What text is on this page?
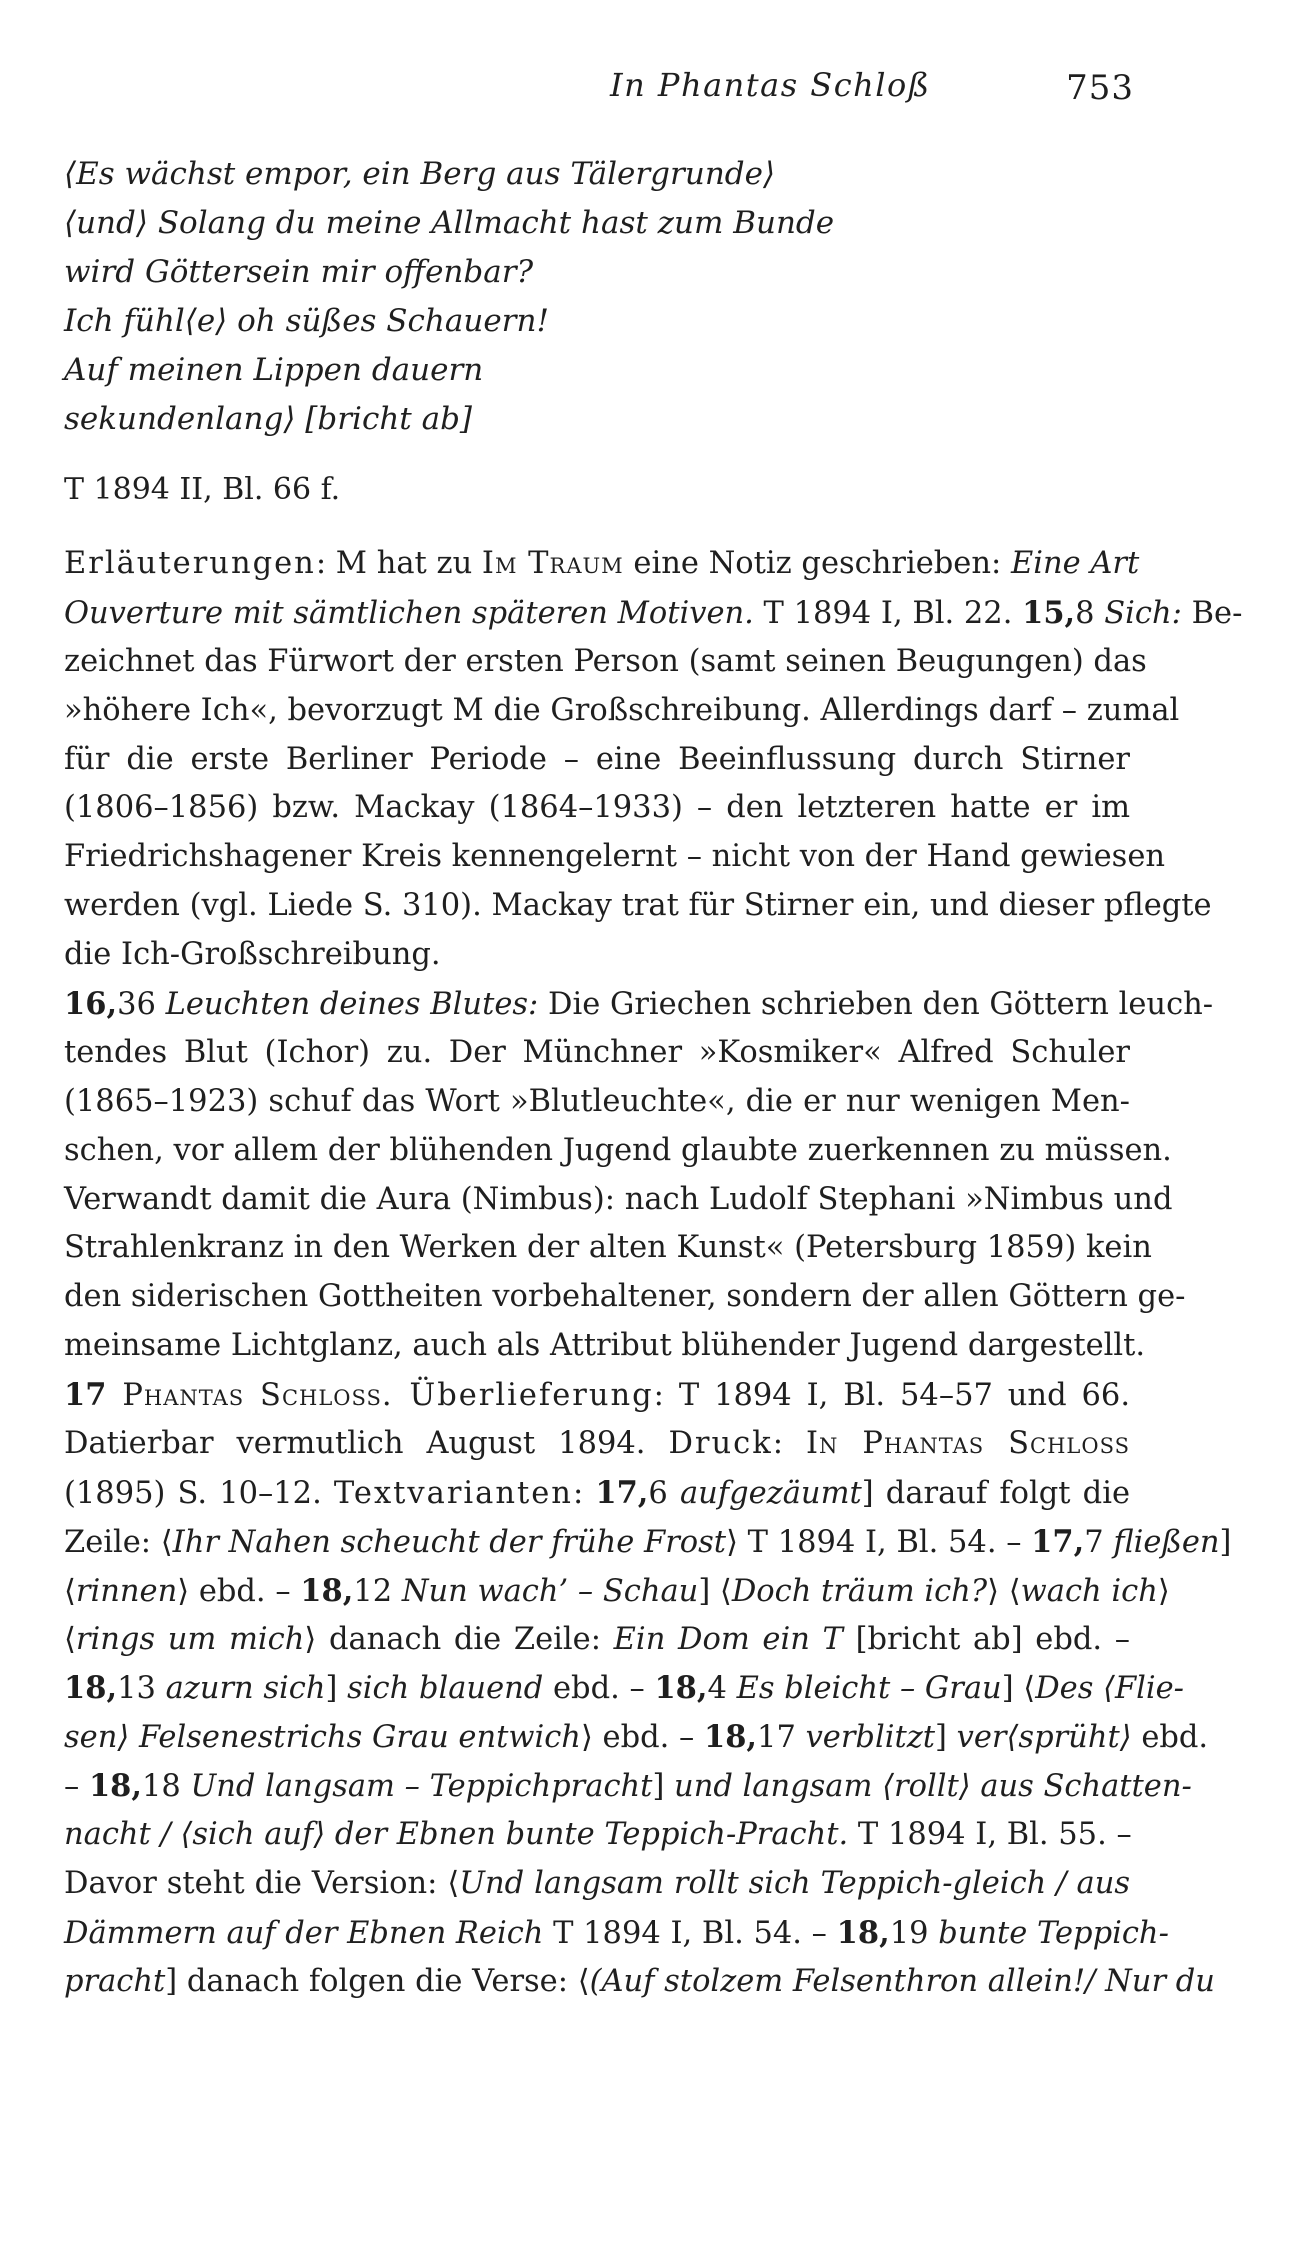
In Phantas Schloß	753
⟨Es wächst empor, ein Berg aus Tälergrunde⟩
⟨und⟩ Solang du meine Allmacht hast zum Bunde
wird Göttersein mir offenbar?
Ich fühl⟨e⟩ oh süßes Schauern!
Auf meinen Lippen dauern
sekundenlang⟩ [bricht ab]
T 1894 II, Bl. 66 f.
Erläuterungen: M hat zu Im Traum eine Notiz geschrieben: Eine Art
Ouverture mit sämtlichen späteren Motiven. T 1894 I, Bl. 22. 15,8 Sich: Be-
zeichnet das Fürwort der ersten Person (samt seinen Beugungen) das
»höhere Ich«, bevorzugt M die Großschreibung. Allerdings darf – zumal
für die erste Berliner Periode – eine Beeinflussung durch Stirner
(1806–1856) bzw. Mackay (1864–1933) – den letzteren hatte er im
Friedrichshagener Kreis kennengelernt – nicht von der Hand gewiesen
werden (vgl. Liede S. 310). Mackay trat für Stirner ein, und dieser pflegte
die Ich-Großschreibung.
16,36 Leuchten deines Blutes: Die Griechen schrieben den Göttern leuch-
tendes Blut (Ichor) zu. Der Münchner »Kosmiker« Alfred Schuler
(1865–1923) schuf das Wort »Blutleuchte«, die er nur wenigen Men-
schen, vor allem der blühenden Jugend glaubte zuerkennen zu müssen.
Verwandt damit die Aura (Nimbus): nach Ludolf Stephani »Nimbus und
Strahlenkranz in den Werken der alten Kunst« (Petersburg 1859) kein
den siderischen Gottheiten vorbehaltener, sondern der allen Göttern ge-
meinsame Lichtglanz, auch als Attribut blühender Jugend dargestellt.
17 Phantas Schloss. Überlieferung: T 1894 I, Bl. 54–57 und 66.
Datierbar vermutlich August 1894. Druck: In Phantas Schloss
(1895) S. 10–12. Textvarianten: 17,6 aufgezäumt] darauf folgt die
Zeile: ⟨Ihr Nahen scheucht der frühe Frost⟩ T 1894 I, Bl. 54. – 17,7 fließen]
⟨rinnen⟩ ebd. – 18,12 Nun wach’ – Schau] ⟨Doch träum ich?⟩ ⟨wach ich⟩
⟨rings um mich⟩ danach die Zeile: Ein Dom ein T [bricht ab] ebd. –
18,13 azurn sich] sich blauend ebd. – 18,4 Es bleicht – Grau] ⟨Des ⟨Flie-
sen⟩ Felsenestrichs Grau entwich⟩ ebd. – 18,17 verblitzt] ver⟨sprüht⟩ ebd.
– 18,18 Und langsam – Teppichpracht] und langsam ⟨rollt⟩ aus Schatten-
nacht / ⟨sich auf⟩ der Ebnen bunte Teppich-Pracht. T 1894 I, Bl. 55. –
Davor steht die Version: ⟨Und langsam rollt sich Teppich-gleich / aus
Dämmern auf der Ebnen Reich T 1894 I, Bl. 54. – 18,19 bunte Teppich-
pracht] danach folgen die Verse: ⟨(Auf stolzem Felsenthron allein!/ Nur du
